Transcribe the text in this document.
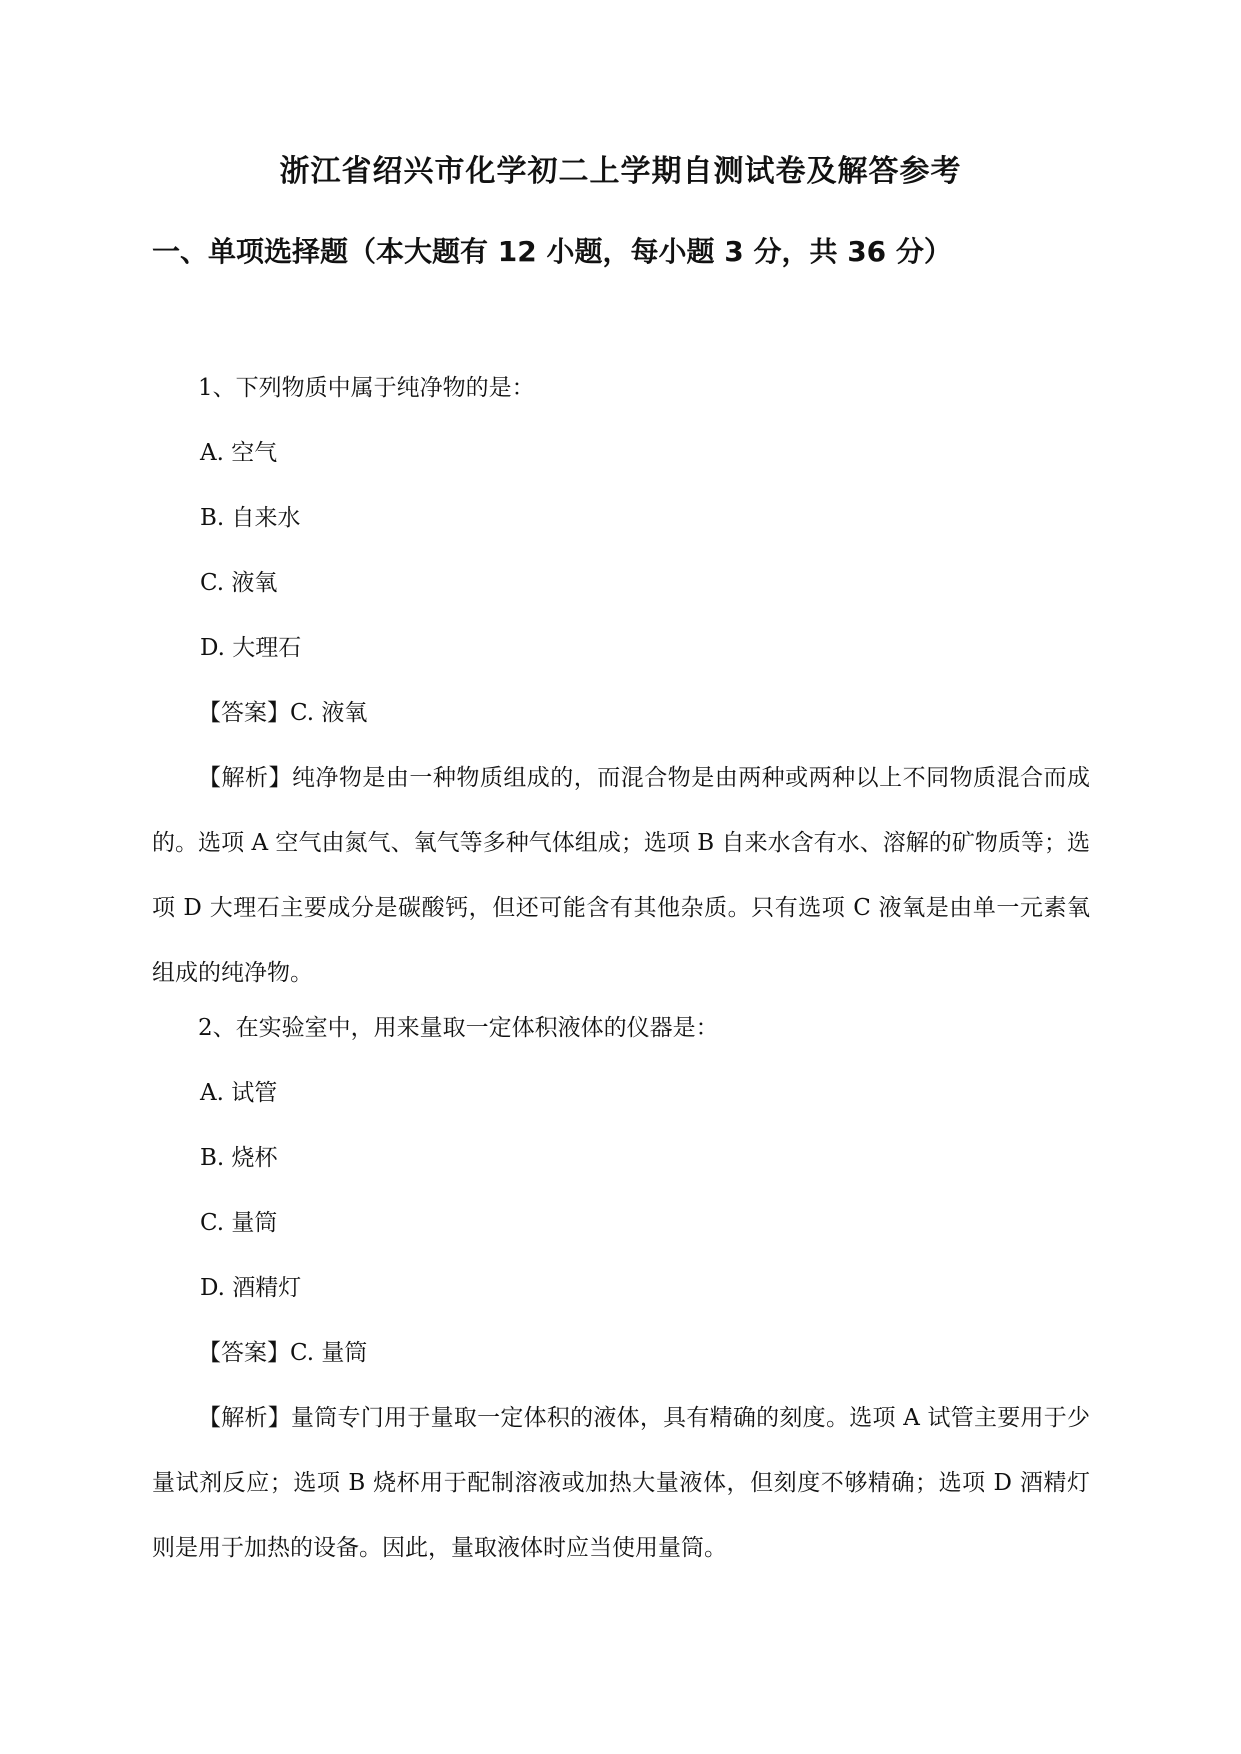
浙江省绍兴市化学初二上学期自测试卷及解答参考
一、单项选择题（本大题有 12 小题，每小题 3 分，共 36 分）
1、下列物质中属于纯净物的是：
A. 空气
B. 自来水
C. 液氧
D. 大理石
【答案】C. 液氧

【解析】纯净物是由一种物质组成的，而混合物是由两种或两种以上不同物质混合而成的。选项 A 空气由氮气、氧气等多种气体组成；选项 B 自来水含有水、溶解的矿物质等；选项 D 大理石主要成分是碳酸钙，但还可能含有其他杂质。只有选项 C 液氧是由单一元素氧组成的纯净物。

2、在实验室中，用来量取一定体积液体的仪器是：
A. 试管
B. 烧杯
C. 量筒
D. 酒精灯
【答案】C. 量筒

【解析】量筒专门用于量取一定体积的液体，具有精确的刻度。选项 A 试管主要用于少量试剂反应；选项 B 烧杯用于配制溶液或加热大量液体，但刻度不够精确；选项 D 酒精灯则是用于加热的设备。因此，量取液体时应当使用量筒。
